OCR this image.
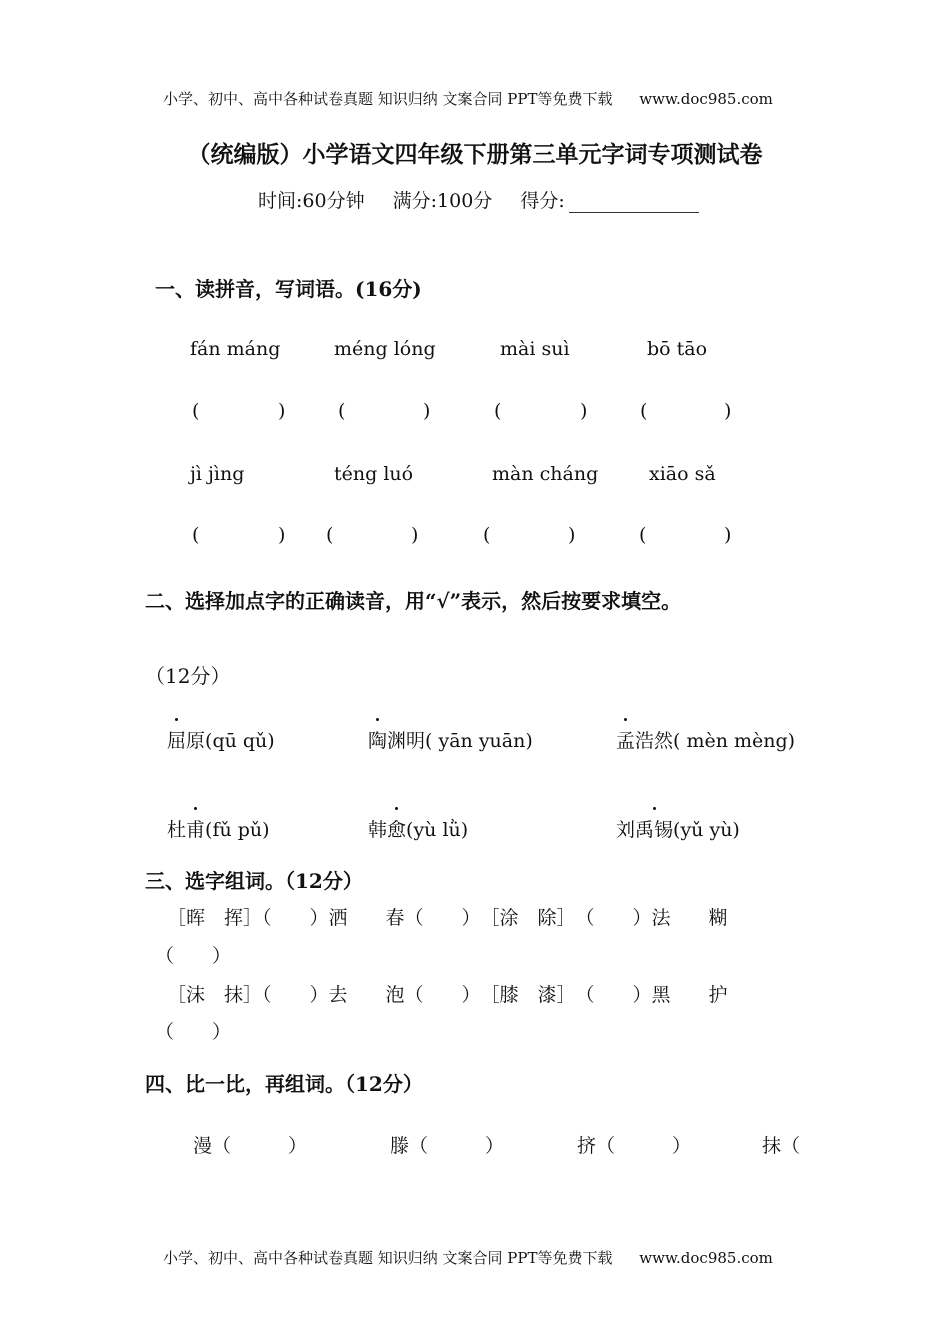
小学、初中、高中各种试卷真题 知识归纳 文案合同 PPT等免费下载 www.doc985.com
（统编版）小学语文四年级下册第三单元字词专项测试卷
时间:60分钟 满分:100分 得分:
一、读拼音，写词语。(16分)
fán máng	méng lóng	mài suì	bō tāo
(	)	(	)	(	)	(	)
jì jìng	téng luó	màn cháng	xiāo sǎ
(	) (	)	(	)	(	)
二、选择加点字的正确读音，用“√”表示，然后按要求填空。
（12分）
屈原(qū qǔ)	陶渊明( yān yuān)	孟浩然( mèn mèng)
杜甫(fǔ pǔ)	韩愈(yù lǜ)	刘禹锡(yǔ yù)
三、选字组词。（12分）
［晖　挥］（　　）洒　　春（　　）　［涂　除］　（　　）法　　糊
（　　）
［沫　抹］（　　）去　　泡（　　）　［膝　漆］　（　　）黑　　护
（　　）
四、比一比，再组词。（12分）
漫（　　　）	滕（　　　）	挤（　　　）	抹（
小学、初中、高中各种试卷真题 知识归纳 文案合同 PPT等免费下载 www.doc985.com
